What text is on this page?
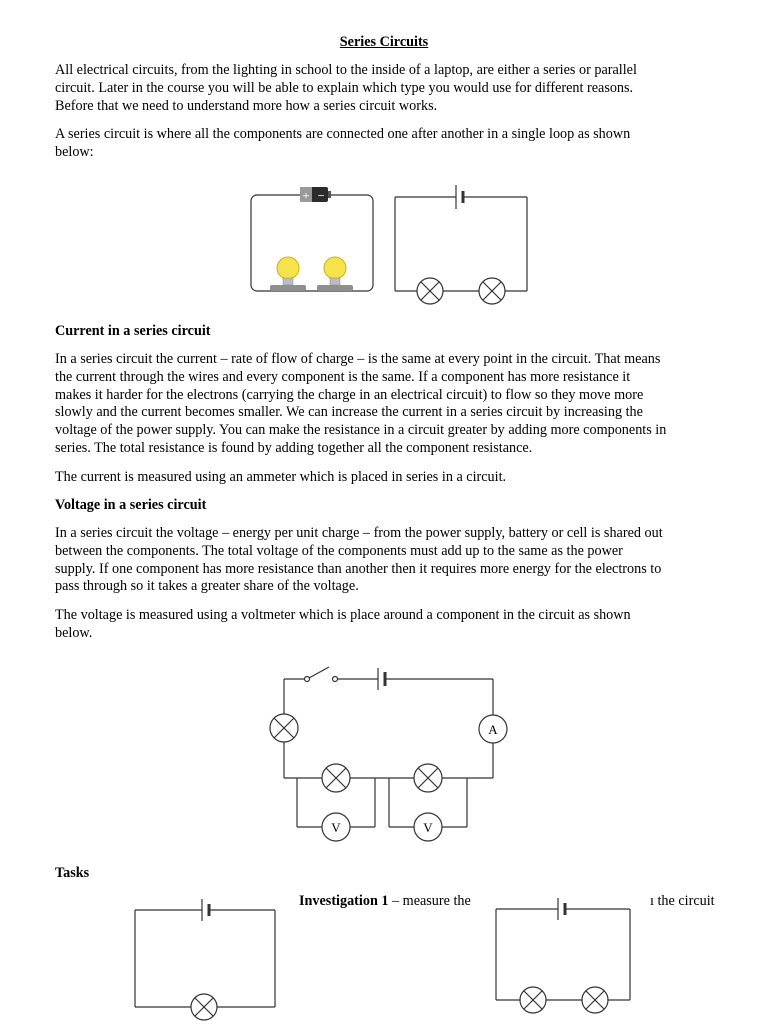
Series Circuits
All electrical circuits, from the lighting in school to the inside of a laptop, are either a series or parallel
circuit. Later in the course you will be able to explain which type you would use for different reasons.
Before that we need to understand more how a series circuit works.
A series circuit is where all the components are connected one after another in a single loop as shown
below:
+ −
Current in a series circuit
In a series circuit the current – rate of flow of charge – is the same at every point in the circuit. That means
the current through the wires and every component is the same. If a component has more resistance it
makes it harder for the electrons (carrying the charge in an electrical circuit) to flow so they move more
slowly and the current becomes smaller. We can increase the current in a series circuit by increasing the
voltage of the power supply. You can make the resistance in a circuit greater by adding more components in
series. The total resistance is found by adding together all the component resistance.
The current is measured using an ammeter which is placed in series in a circuit.
Voltage in a series circuit
In a series circuit the voltage – energy per unit charge – from the power supply, battery or cell is shared out
between the components. The total voltage of the components must add up to the same as the power
supply. If one component has more resistance than another then it requires more energy for the electrons to
pass through so it takes a greater share of the voltage.
The voltage is measured using a voltmeter which is place around a component in the circuit as shown
below.
A
V	V
Tasks
Investigation 1 – measure the	ı the circuit
